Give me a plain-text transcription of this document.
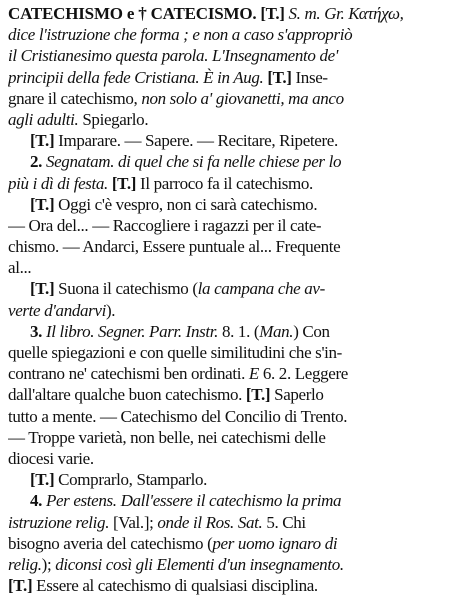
CATECHISMO e † CATECISMO. [T.] S. m. Gr. Κατήχω,
dice l'istruzione che forma ; e non a caso s'appropriò
il Cristianesimo questa parola. L'Insegnamento de'
principii della fede Cristiana. È in Aug. [T.] Inse-
gnare il catechismo, non solo a' giovanetti, ma anco
agli adulti. Spiegarlo.
[T.] Imparare. — Sapere. — Recitare, Ripetere.
2. Segnatam. di quel che si fa nelle chiese per lo
più i dì di festa. [T.] Il parroco fa il catechismo.
[T.] Oggi c'è vespro, non ci sarà catechismo.
— Ora del... — Raccogliere i ragazzi per il cate-
chismo. — Andarci, Essere puntuale al... Frequente
al...
[T.] Suona il catechismo (la campana che av-
verte d'andarvi).
3. Il libro. Segner. Parr. Instr. 8. 1. (Man.) Con
quelle spiegazioni e con quelle similitudini che s'in-
contrano ne' catechismi ben ordinati. E 6. 2. Leggere
dall'altare qualche buon catechismo. [T.] Saperlo
tutto a mente. — Catechismo del Concilio di Trento.
— Troppe varietà, non belle, nei catechismi delle
diocesi varie.
[T.] Comprarlo, Stamparlo.
4. Per estens. Dall'essere il catechismo la prima
istruzione relig. [Val.]; onde il Ros. Sat. 5. Chi
bisogno averia del catechismo (per uomo ignaro di
relig.); diconsi così gli Elementi d'un insegnamento.
[T.] Essere al catechismo di qualsiasi disciplina.
